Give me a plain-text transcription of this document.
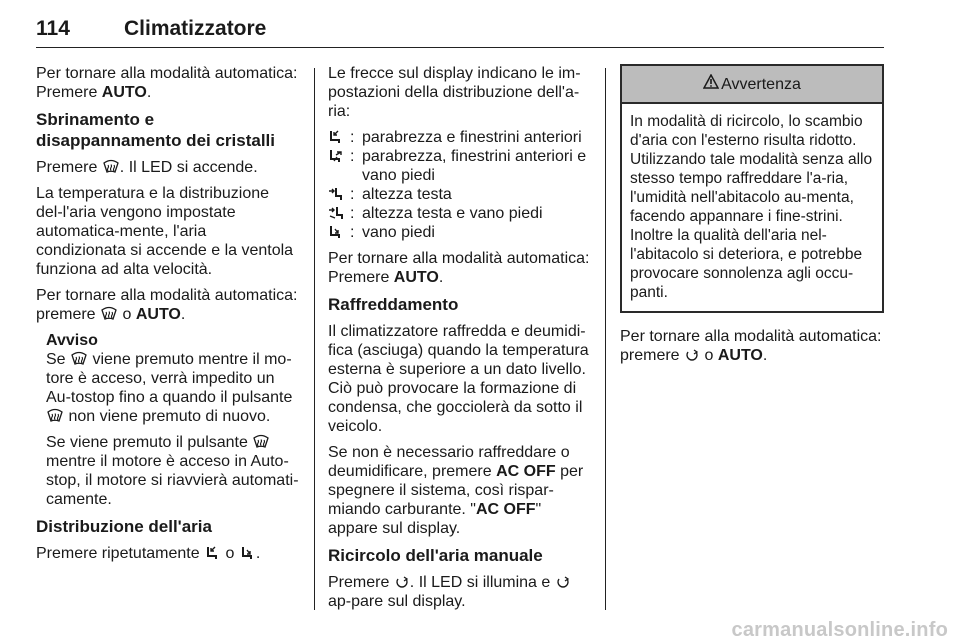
114	Climatizzatore

Per tornare alla modalità automatica: Premere AUTO.

Sbrinamento e disappannamento dei cristalli

Premere
. Il LED si accende.

La temperatura e la distribuzione del-l'aria vengono impostate automatica-mente, l'aria condizionata si accende e la ventola funziona ad alta velocità.

Per tornare alla modalità automatica: premere
o AUTO.

Avviso

Se
viene premuto mentre il mo-tore è acceso, verrà impedito un Au-tostop fino a quando il pulsante
non viene premuto di nuovo.

Se viene premuto il pulsante
mentre il motore è acceso in Auto-stop, il motore si riavvierà automati-camente.

Distribuzione dell'aria

Premere ripetutamente
o
.

Le frecce sul display indicano le im-postazioni della distribuzione dell'a-ria:

: parabrezza e finestrini anteriori
: parabrezza, finestrini anteriori e vano piedi
: altezza testa
: altezza testa e vano piedi
: vano piedi

Per tornare alla modalità automatica: Premere AUTO.

Raffreddamento

Il climatizzatore raffredda e deumidi-fica (asciuga) quando la temperatura esterna è superiore a un dato livello. Ciò può provocare la formazione di condensa, che gocciolerà da sotto il veicolo.

Se non è necessario raffreddare o deumidificare, premere AC OFF per spegnere il sistema, così rispar-miando carburante. "AC OFF" appare sul display.

Ricircolo dell'aria manuale

Premere
. Il LED si illumina e
ap-pare sul display.

Avvertenza
In modalità di ricircolo, lo scambio d'aria con l'esterno risulta ridotto. Utilizzando tale modalità senza allo stesso tempo raffreddare l'a-ria, l'umidità nell'abitacolo au-menta, facendo appannare i fine-strini. Inoltre la qualità dell'aria nel-l'abitacolo si deteriora, e potrebbe provocare sonnolenza agli occu-panti.

Per tornare alla modalità automatica: premere
o AUTO.

carmanualsonline.info
